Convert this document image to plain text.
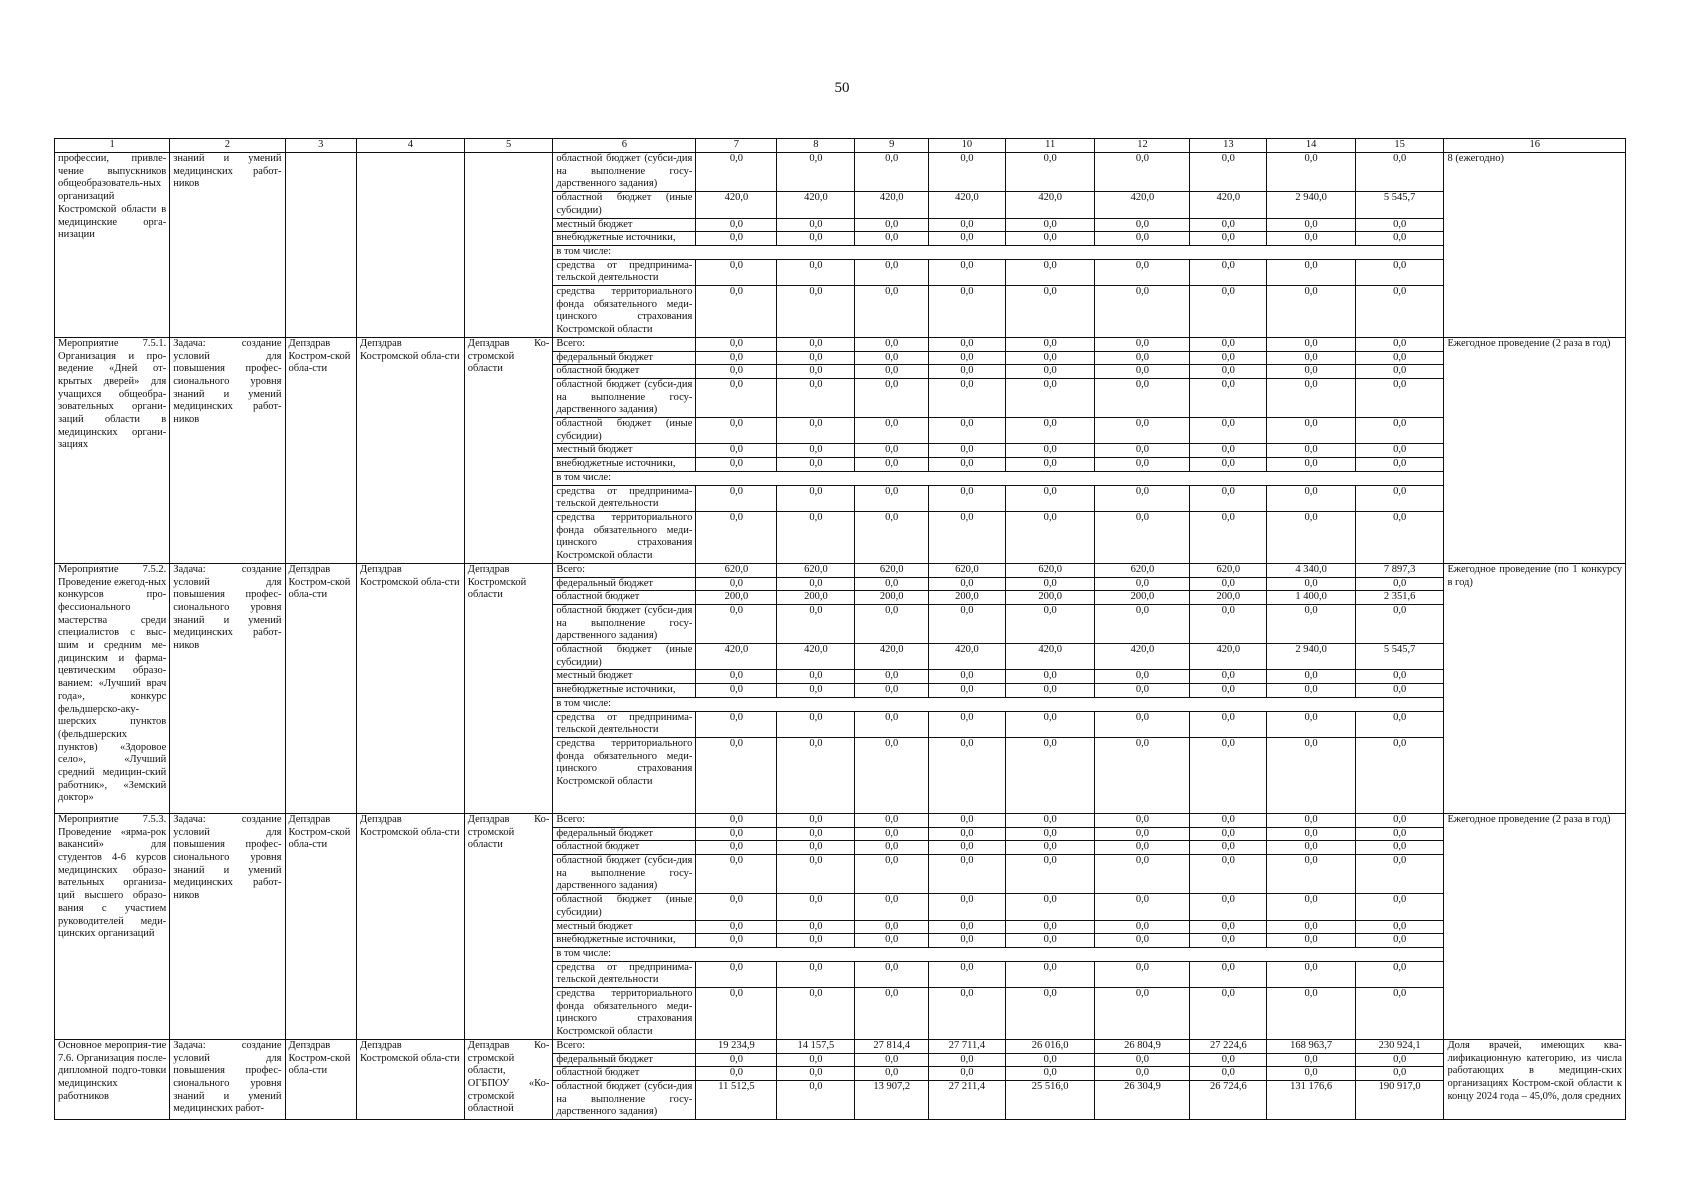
50
1	2	3	4	5	6	7	8	9	10	11	12	13	14	15	16
профессии, привле-чение выпускников общеобразователь-ных организаций Костромской области в медицинские орга-низации	знаний и умений медицинских работ-ников				областной бюджет (субси-дия на выполнение госу-дарственного задания)	0,0	0,0	0,0	0,0	0,0	0,0	0,0	0,0	0,0	8 (ежегодно)
					областной бюджет (иные субсидии)	420,0	420,0	420,0	420,0	420,0	420,0	420,0	2 940,0	5 545,7	
					местный бюджет	0,0	0,0	0,0	0,0	0,0	0,0	0,0	0,0	0,0	
					внебюджетные источники,	0,0	0,0	0,0	0,0	0,0	0,0	0,0	0,0	0,0	
					в том числе:										
					средства от предпринима-тельской деятельности	0,0	0,0	0,0	0,0	0,0	0,0	0,0	0,0	0,0	
					средства территориального фонда обязательного меди-цинского страхования Костромской области	0,0	0,0	0,0	0,0	0,0	0,0	0,0	0,0	0,0	
Мероприятие 7.5.1. Организация и про-ведение «Дней от-крытых дверей» для учащихся общеобра-зовательных органи-заций области в медицинских органи-зациях	Задача: создание условий для повышения профес-сионального уровня знаний и умений медицинских работ-ников	Депздрав Костром-ской обла-сти	Депздрав Костромской обла-сти	Депздрав Ко-стромской области	Всего:	0,0	0,0	0,0	0,0	0,0	0,0	0,0	0,0	0,0	Ежегодное проведение (2 раза в год)
					федеральный бюджет	0,0	0,0	0,0	0,0	0,0	0,0	0,0	0,0	0,0	
					областной бюджет	0,0	0,0	0,0	0,0	0,0	0,0	0,0	0,0	0,0	
					областной бюджет (субси-дия на выполнение госу-дарственного задания)	0,0	0,0	0,0	0,0	0,0	0,0	0,0	0,0	0,0	
					областной бюджет (иные субсидии)	0,0	0,0	0,0	0,0	0,0	0,0	0,0	0,0	0,0	
					местный бюджет	0,0	0,0	0,0	0,0	0,0	0,0	0,0	0,0	0,0	
					внебюджетные источники,	0,0	0,0	0,0	0,0	0,0	0,0	0,0	0,0	0,0	
					в том числе:										
					средства от предпринима-тельской деятельности	0,0	0,0	0,0	0,0	0,0	0,0	0,0	0,0	0,0	
					средства территориального фонда обязательного меди-цинского страхования Костромской области	0,0	0,0	0,0	0,0	0,0	0,0	0,0	0,0	0,0	
Мероприятие 7.5.2. Проведение ежегод-ных конкурсов про-фессионального мастерства среди специалистов с выс-шим и средним ме-дицинским и фарма-цевтическим образо-ванием: «Лучший врач года», конкурс фельдшерско-аку-шерских пунктов (фельдшерских пунктов) «Здоровое село», «Лучший средний медицин-ский работник», «Земский доктор»	Задача: создание условий для повышения профес-сионального уровня знаний и умений медицинских работ-ников	Депздрав Костром-ской обла-сти	Депздрав Костромской обла-сти	Депздрав Костромской области	Всего:	620,0	620,0	620,0	620,0	620,0	620,0	620,0	4 340,0	7 897,3	Ежегодное проведение (по 1 конкурсу в год)
					федеральный бюджет	0,0	0,0	0,0	0,0	0,0	0,0	0,0	0,0	0,0	
					областной бюджет	200,0	200,0	200,0	200,0	200,0	200,0	200,0	1 400,0	2 351,6	
					областной бюджет (субси-дия на выполнение госу-дарственного задания)	0,0	0,0	0,0	0,0	0,0	0,0	0,0	0,0	0,0	
					областной бюджет (иные субсидии)	420,0	420,0	420,0	420,0	420,0	420,0	420,0	2 940,0	5 545,7	
					местный бюджет	0,0	0,0	0,0	0,0	0,0	0,0	0,0	0,0	0,0	
					внебюджетные источники,	0,0	0,0	0,0	0,0	0,0	0,0	0,0	0,0	0,0	
					в том числе:										
					средства от предпринима-тельской деятельности	0,0	0,0	0,0	0,0	0,0	0,0	0,0	0,0	0,0	
					средства территориального фонда обязательного меди-цинского страхования Костромской области	0,0	0,0	0,0	0,0	0,0	0,0	0,0	0,0	0,0	
Мероприятие 7.5.3. Проведение «ярма-рок вакансий» для студентов 4-6 курсов медицинских образо-вательных организа-ций высшего образо-вания с участием руководителей меди-цинских организаций	Задача: создание условий для повышения профес-сионального уровня знаний и умений медицинских работ-ников	Депздрав Костром-ской обла-сти	Депздрав Костромской обла-сти	Депздрав Ко-стромской области	Всего:	0,0	0,0	0,0	0,0	0,0	0,0	0,0	0,0	0,0	Ежегодное проведение (2 раза в год)
					федеральный бюджет	0,0	0,0	0,0	0,0	0,0	0,0	0,0	0,0	0,0	
					областной бюджет	0,0	0,0	0,0	0,0	0,0	0,0	0,0	0,0	0,0	
					областной бюджет (субси-дия на выполнение госу-дарственного задания)	0,0	0,0	0,0	0,0	0,0	0,0	0,0	0,0	0,0	
					областной бюджет (иные субсидии)	0,0	0,0	0,0	0,0	0,0	0,0	0,0	0,0	0,0	
					местный бюджет	0,0	0,0	0,0	0,0	0,0	0,0	0,0	0,0	0,0	
					внебюджетные источники,	0,0	0,0	0,0	0,0	0,0	0,0	0,0	0,0	0,0	
					в том числе:										
					средства от предпринима-тельской деятельности	0,0	0,0	0,0	0,0	0,0	0,0	0,0	0,0	0,0	
					средства территориального фонда обязательного меди-цинского страхования Костромской области	0,0	0,0	0,0	0,0	0,0	0,0	0,0	0,0	0,0	
Основное мероприя-тие 7.6. Организация после-дипломной подго-товки медицинских работников	Задача: создание условий для повышения профес-сионального уровня знаний и умений медицинских работ-	Депздрав Костром-ской обла-сти	Депздрав Костромской обла-сти	Депздрав Ко-стромской области, ОГБПОУ «Ко-стромской областной	Всего:	19 234,9	14 157,5	27 814,4	27 711,4	26 016,0	26 804,9	27 224,6	168 963,7	230 924,1	Доля врачей, имеющих ква-лификационную категорию, из числа работающих в медицин-ских организациях Костром-ской области к концу 2024 года – 45,0%, доля средних
					федеральный бюджет	0,0	0,0	0,0	0,0	0,0	0,0	0,0	0,0	0,0	
					областной бюджет	0,0	0,0	0,0	0,0	0,0	0,0	0,0	0,0	0,0	
					областной бюджет (субси-дия на выполнение госу-дарственного задания)	11 512,5	0,0	13 907,2	27 211,4	25 516,0	26 304,9	26 724,6	131 176,6	190 917,0	
